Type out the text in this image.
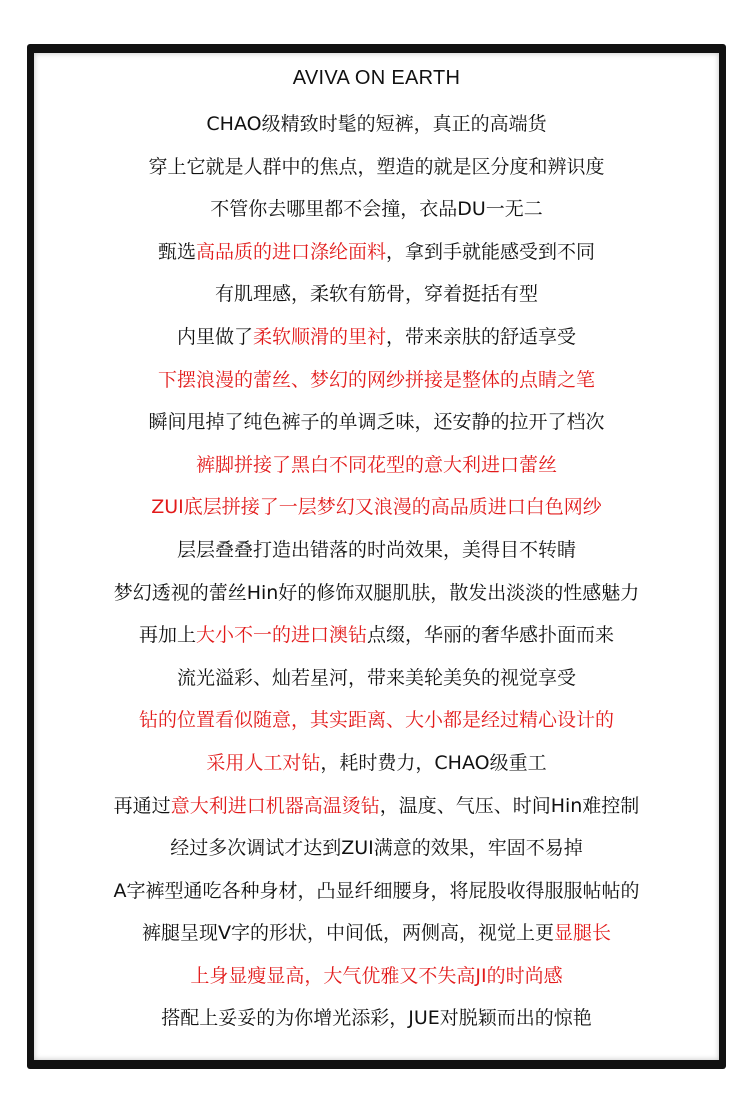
AVIVA ON EARTH
CHAO级精致时髦的短裤，真正的高端货
穿上它就是人群中的焦点，塑造的就是区分度和辨识度
不管你去哪里都不会撞，衣品DU一无二
甄选高品质的进口涤纶面料，拿到手就能感受到不同
有肌理感，柔软有筋骨，穿着挺括有型
内里做了柔软顺滑的里衬，带来亲肤的舒适享受
下摆浪漫的蕾丝、梦幻的网纱拼接是整体的点睛之笔
瞬间甩掉了纯色裤子的单调乏味，还安静的拉开了档次
裤脚拼接了黑白不同花型的意大利进口蕾丝
ZUI底层拼接了一层梦幻又浪漫的高品质进口白色网纱
层层叠叠打造出错落的时尚效果，美得目不转睛
梦幻透视的蕾丝Hin好的修饰双腿肌肤，散发出淡淡的性感魅力
再加上大小不一的进口澳钻点缀，华丽的奢华感扑面而来
流光溢彩、灿若星河，带来美轮美奂的视觉享受
钻的位置看似随意，其实距离、大小都是经过精心设计的
采用人工对钻，耗时费力，CHAO级重工
再通过意大利进口机器高温烫钻，温度、气压、时间Hin难控制
经过多次调试才达到ZUI满意的效果，牢固不易掉
A字裤型通吃各种身材，凸显纤细腰身，将屁股收得服服帖帖的
裤腿呈现V字的形状，中间低，两侧高，视觉上更显腿长
上身显瘦显高，大气优雅又不失高JI的时尚感
搭配上妥妥的为你增光添彩，JUE对脱颖而出的惊艳
